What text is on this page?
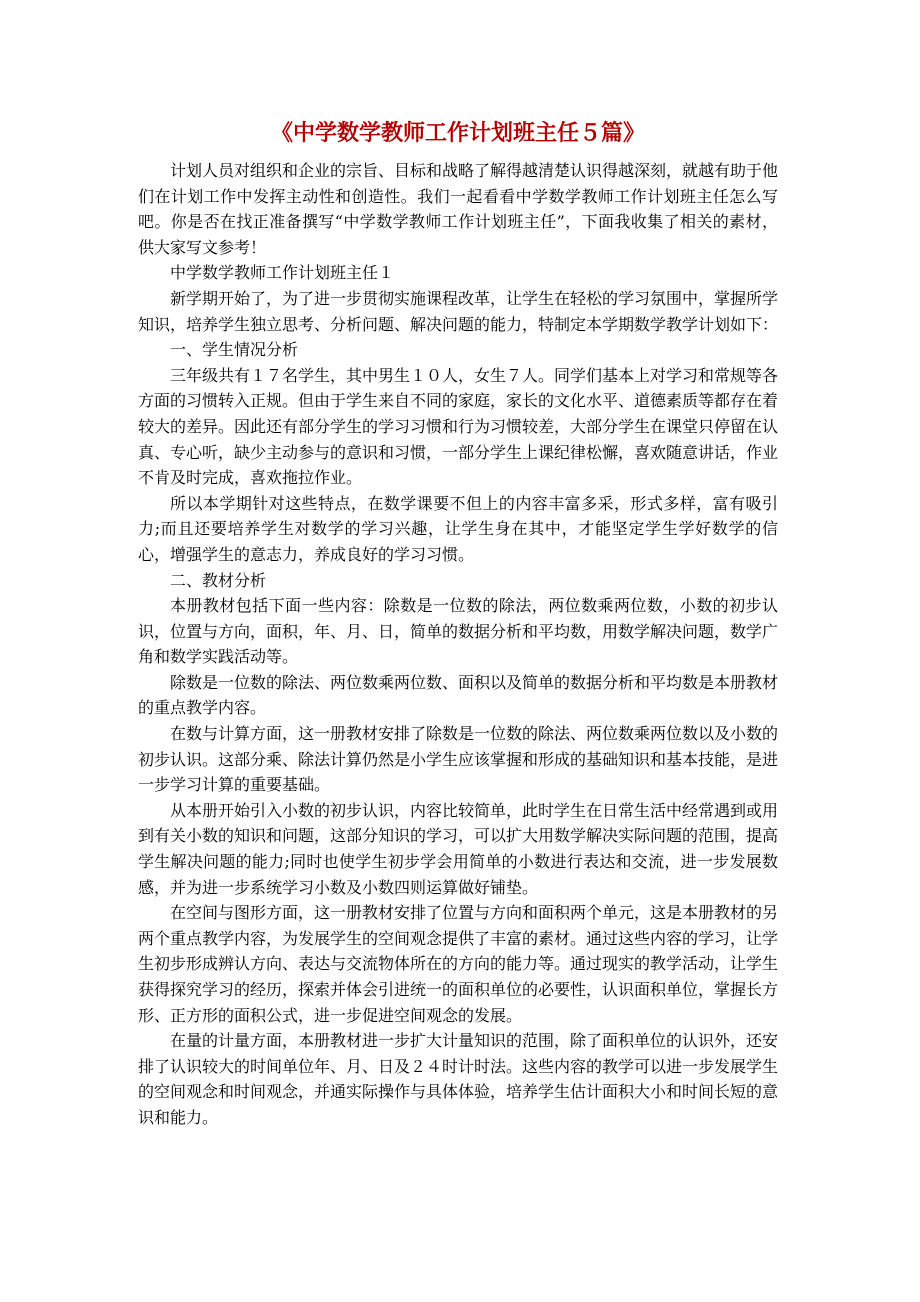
《中学数学教师工作计划班主任５篇》

计划人员对组织和企业的宗旨、目标和战略了解得越清楚认识得越深刻，就越有助于他们在计划工作中发挥主动性和创造性。我们一起看看中学数学教师工作计划班主任怎么写吧。你是否在找正准备撰写“中学数学教师工作计划班主任”，下面我收集了相关的素材，供大家写文参考！

中学数学教师工作计划班主任１

新学期开始了，为了进一步贯彻实施课程改革，让学生在轻松的学习氛围中，掌握所学知识，培养学生独立思考、分析问题、解决问题的能力，特制定本学期数学教学计划如下：

一、学生情况分析

三年级共有１７名学生，其中男生１０人，女生７人。同学们基本上对学习和常规等各方面的习惯转入正规。但由于学生来自不同的家庭，家长的文化水平、道德素质等都存在着较大的差异。因此还有部分学生的学习习惯和行为习惯较差，大部分学生在课堂只停留在认真、专心听，缺少主动参与的意识和习惯，一部分学生上课纪律松懈，喜欢随意讲话，作业不肯及时完成，喜欢拖拉作业。

所以本学期针对这些特点，在数学课要不但上的内容丰富多采，形式多样，富有吸引力;而且还要培养学生对数学的学习兴趣，让学生身在其中，才能坚定学生学好数学的信心，增强学生的意志力，养成良好的学习习惯。

二、教材分析

本册教材包括下面一些内容：除数是一位数的除法，两位数乘两位数，小数的初步认识，位置与方向，面积，年、月、日，简单的数据分析和平均数，用数学解决问题，数学广角和数学实践活动等。

除数是一位数的除法、两位数乘两位数、面积以及简单的数据分析和平均数是本册教材的重点教学内容。

在数与计算方面，这一册教材安排了除数是一位数的除法、两位数乘两位数以及小数的初步认识。这部分乘、除法计算仍然是小学生应该掌握和形成的基础知识和基本技能，是进一步学习计算的重要基础。

从本册开始引入小数的初步认识，内容比较简单，此时学生在日常生活中经常遇到或用到有关小数的知识和问题，这部分知识的学习，可以扩大用数学解决实际问题的范围，提高学生解决问题的能力;同时也使学生初步学会用简单的小数进行表达和交流，进一步发展数感，并为进一步系统学习小数及小数四则运算做好铺垫。

在空间与图形方面，这一册教材安排了位置与方向和面积两个单元，这是本册教材的另两个重点教学内容，为发展学生的空间观念提供了丰富的素材。通过这些内容的学习，让学生初步形成辨认方向、表达与交流物体所在的方向的能力等。通过现实的教学活动，让学生获得探究学习的经历，探索并体会引进统一的面积单位的必要性，认识面积单位，掌握长方形、正方形的面积公式，进一步促进空间观念的发展。

在量的计量方面，本册教材进一步扩大计量知识的范围，除了面积单位的认识外，还安排了认识较大的时间单位年、月、日及２４时计时法。这些内容的教学可以进一步发展学生的空间观念和时间观念，并通实际操作与具体体验，培养学生估计面积大小和时间长短的意识和能力。
